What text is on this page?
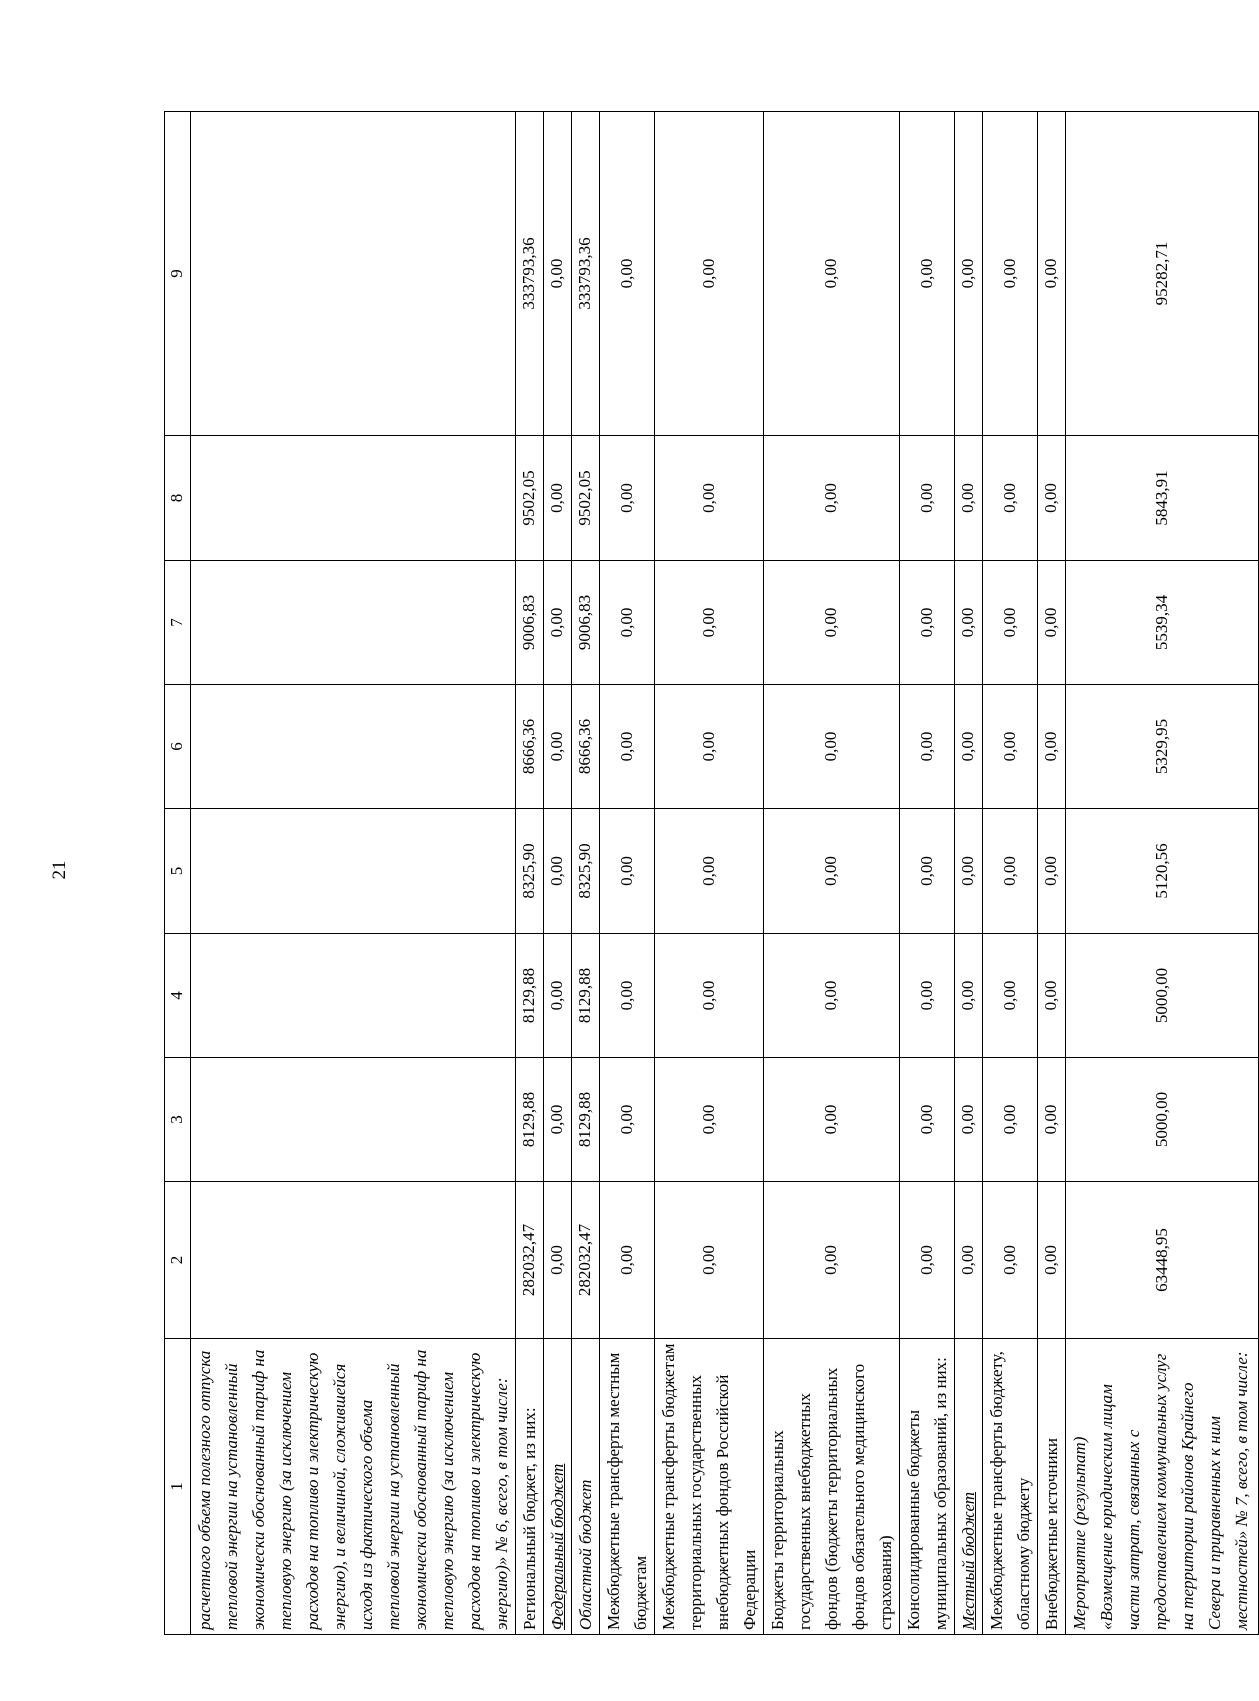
21
1	2	3	4	5	6	7	8	9
расчетного объема полезного отпуска тепловой энергии на установленный экономически обоснованный тариф на тепловую энергию (за исключением расходов на топливо и электрическую энергию), и величиной, сложившейся исходя из фактического объема тепловой энергии на установленный экономически обоснованный тариф на тепловую энергию (за исключением расходов на топливо и электрическую энергию)» № 6, всего, в том числе:								
Региональный бюджет, из них:	282032,47	8129,88	8129,88	8325,90	8666,36	9006,83	9502,05	333793,36
Федеральный бюджет	0,00	0,00	0,00	0,00	0,00	0,00	0,00	0,00
Областной бюджет	282032,47	8129,88	8129,88	8325,90	8666,36	9006,83	9502,05	333793,36
Межбюджетные трансферты местным бюджетам	0,00	0,00	0,00	0,00	0,00	0,00	0,00	0,00
Межбюджетные трансферты бюджетам территориальных государственных внебюджетных фондов Российской Федерации	0,00	0,00	0,00	0,00	0,00	0,00	0,00	0,00
Бюджеты территориальных государственных внебюджетных фондов (бюджеты территориальных фондов обязательного медицинского страхования)	0,00	0,00	0,00	0,00	0,00	0,00	0,00	0,00
Консолидированные бюджеты муниципальных образований, из них:	0,00	0,00	0,00	0,00	0,00	0,00	0,00	0,00
Местный бюджет	0,00	0,00	0,00	0,00	0,00	0,00	0,00	0,00
Межбюджетные трансферты бюджету, областному бюджету	0,00	0,00	0,00	0,00	0,00	0,00	0,00	0,00
Внебюджетные источники	0,00	0,00	0,00	0,00	0,00	0,00	0,00	0,00
Мероприятие (результат) «Возмещение юридическим лицам части затрат, связанных с предоставлением коммунальных услуг на территории районов Крайнего Севера и приравненных к ним местностей» № 7, всего, в том числе:	63448,95	5000,00	5000,00	5120,56	5329,95	5539,34	5843,91	95282,71
